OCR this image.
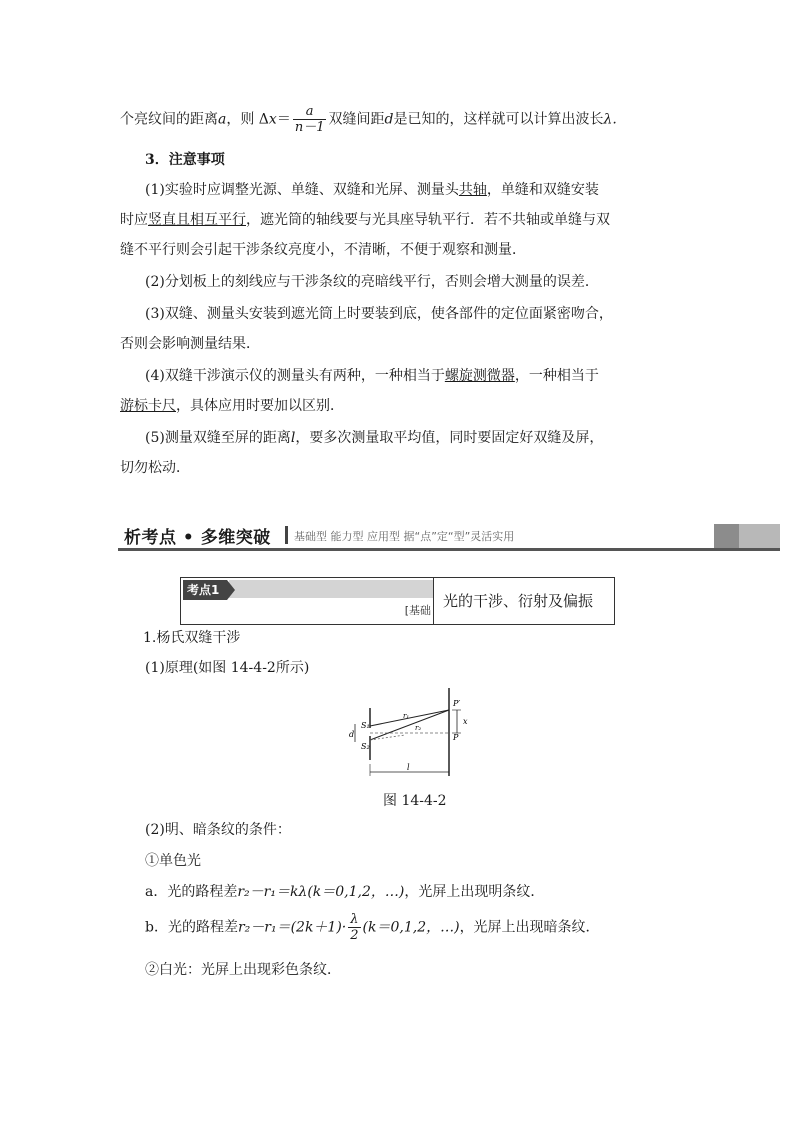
个亮纹间的距离a，则 $\Delta x= \frac{a}{n-1}$ 双缝间距d是已知的，这样就可以计算出波长λ.
3．注意事项
(1)实验时应调整光源、单缝、双缝和光屏、测量头共轴，单缝和双缝安装
时应竖直且相互平行，遮光筒的轴线要与光具座导轨平行．若不共轴或单缝与双
缝不平行则会引起干涉条纹亮度小，不清晰，不便于观察和测量．
(2)分划板上的刻线应与干涉条纹的亮暗线平行，否则会增大测量的误差．
(3)双缝、测量头安装到遮光筒上时要装到底，使各部件的定位面紧密吻合，
否则会影响测量结果．
(4)双缝干涉演示仪的测量头有两种，一种相当于螺旋测微器，一种相当于
游标卡尺，具体应用时要加以区别．
(5)测量双缝至屏的距离l，要多次测量取平均值，同时要固定好双缝及屏，
切勿松动．
析考点 • 多维突破 基础型 能力型 应用型 据“点”定“型”灵活实用
考点1
[基础
光的干涉、衍射及偏振
1.杨氏双缝干涉
(1)原理(如图 14-4-2所示)
S₁
S₂
d
r₁
r₂
P′
P
x
l
图 14-4-2
(2)明、暗条纹的条件：
①单色光
a．光的路程差r₂－r₁＝kλ(k＝0,1,2，…)，光屏上出现明条纹．
b．光的路程差$r_2-r_1=(2k+1)\cdot \frac{\lambda}{2} (k=0,1,2$，…)，光屏上出现暗条纹．
②白光：光屏上出现彩色条纹．
